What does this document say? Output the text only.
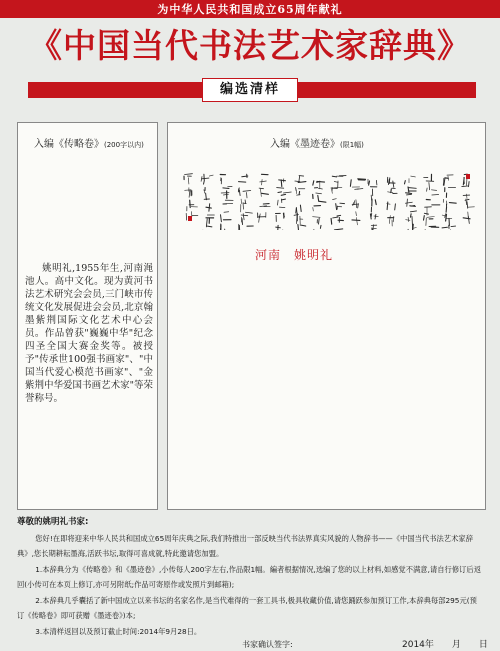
为中华人民共和国成立65周年献礼
《中国当代书法艺术家辞典》
编选清样
入编《传略卷》(200字以内)	入编《墨迹卷》(限1幅)
河南　姚明礼
姚明礼,1955年生,河南渑池人。高中文化。现为黄河书法艺术研究会会员,三门峡市传统文化发展促进会会员,北京翰墨紫荆国际文化艺术中心会员。作品曾获"巍巍中华"纪念四圣全国大赛金奖等。被授予"传承世100强书画家"、"中国当代爱心模范书画家"、"金紫荆中华爱国书画艺术家"等荣誉称号。

尊敬的姚明礼书家:

您好!在即将迎来中华人民共和国成立65周年庆典之际,我们特推出一部反映当代书法界真实风貌的人物辞书——《中国当代书法艺术家辞典》,您长期耕耘墨海,活跃书坛,取得可喜成就,特此邀请您加盟。

1.本辞典分为《传略卷》和《墨迹卷》,小传每人200字左右,作品限1幅。編者根据情况,选编了您的以上材料,如感觉不满意,请自行修订后返回(小传可在本页上修订,亦可另附纸;作品可寄原作或发照片到邮箱);

2.本辞典几乎囊括了新中国成立以来书坛的名家名作,是当代难得的一套工具书,极具收藏价值,请您踊跃参加预订工作,本辞典每部295元(预订《传略卷》即可获赠《墨迹卷》)本;

3.本清样返回以及预订截止时间:2014年9月28日。

书家确认签字:	2014年　　月　　日
